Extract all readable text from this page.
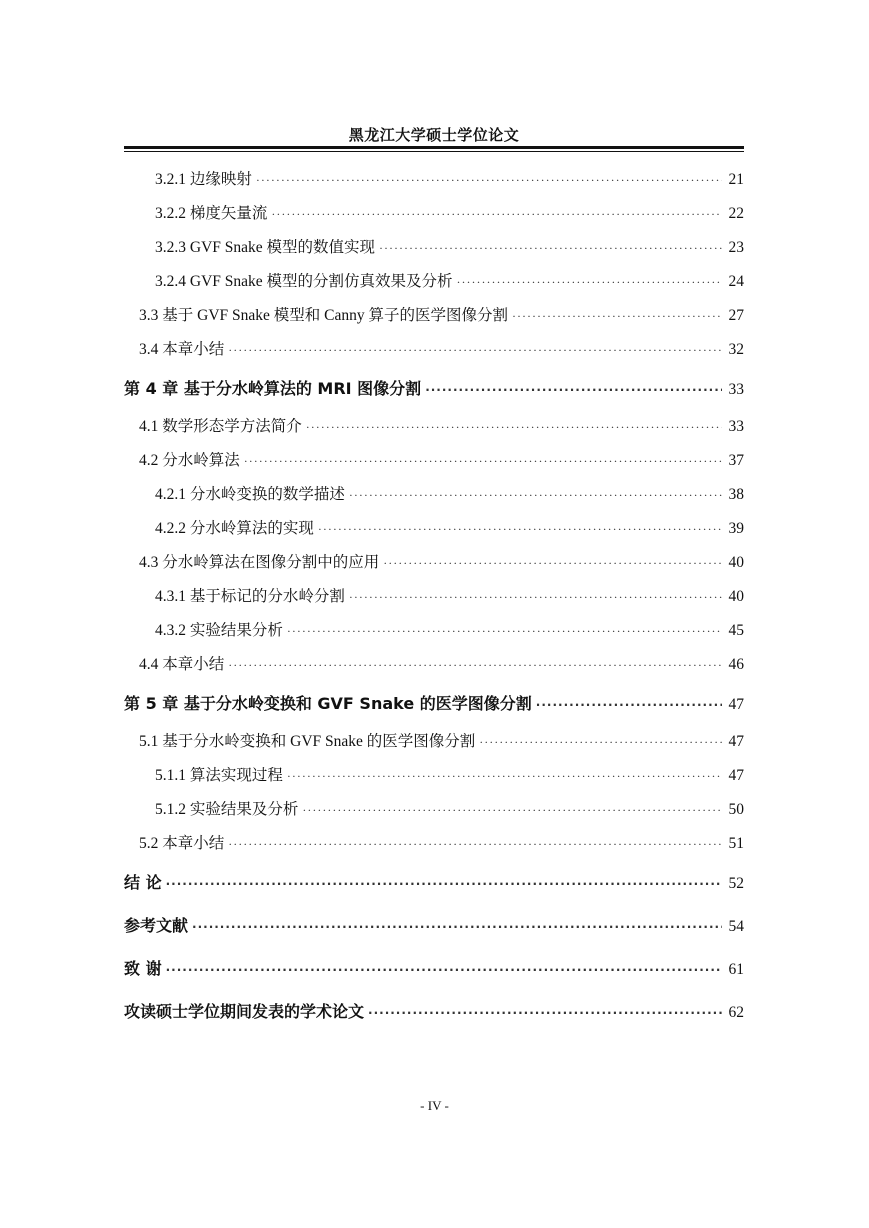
黑龙江大学硕士学位论文
3.2.1 边缘映射 ·····	21
3.2.2 梯度矢量流 ·····	22
3.2.3 GVF Snake 模型的数值实现 ·····	23
3.2.4 GVF Snake 模型的分割仿真效果及分析 ·····	24
3.3 基于 GVF Snake 模型和 Canny 算子的医学图像分割 ·····	27
3.4 本章小结 ·····	32
第 4 章 基于分水岭算法的 MRI 图像分割 ·····	33
4.1 数学形态学方法简介 ·····	33
4.2 分水岭算法 ·····	37
4.2.1 分水岭变换的数学描述 ·····	38
4.2.2 分水岭算法的实现 ·····	39
4.3 分水岭算法在图像分割中的应用 ·····	40
4.3.1 基于标记的分水岭分割 ·····	40
4.3.2 实验结果分析 ·····	45
4.4 本章小结 ·····	46
第 5 章 基于分水岭变换和 GVF Snake 的医学图像分割 ·····	47
5.1 基于分水岭变换和 GVF Snake 的医学图像分割 ·····	47
5.1.1 算法实现过程 ·····	47
5.1.2 实验结果及分析 ·····	50
5.2 本章小结 ·····	51
结 论 ·····	52
参考文献 ·····	54
致 谢 ·····	61
攻读硕士学位期间发表的学术论文 ·····	62
- IV -
